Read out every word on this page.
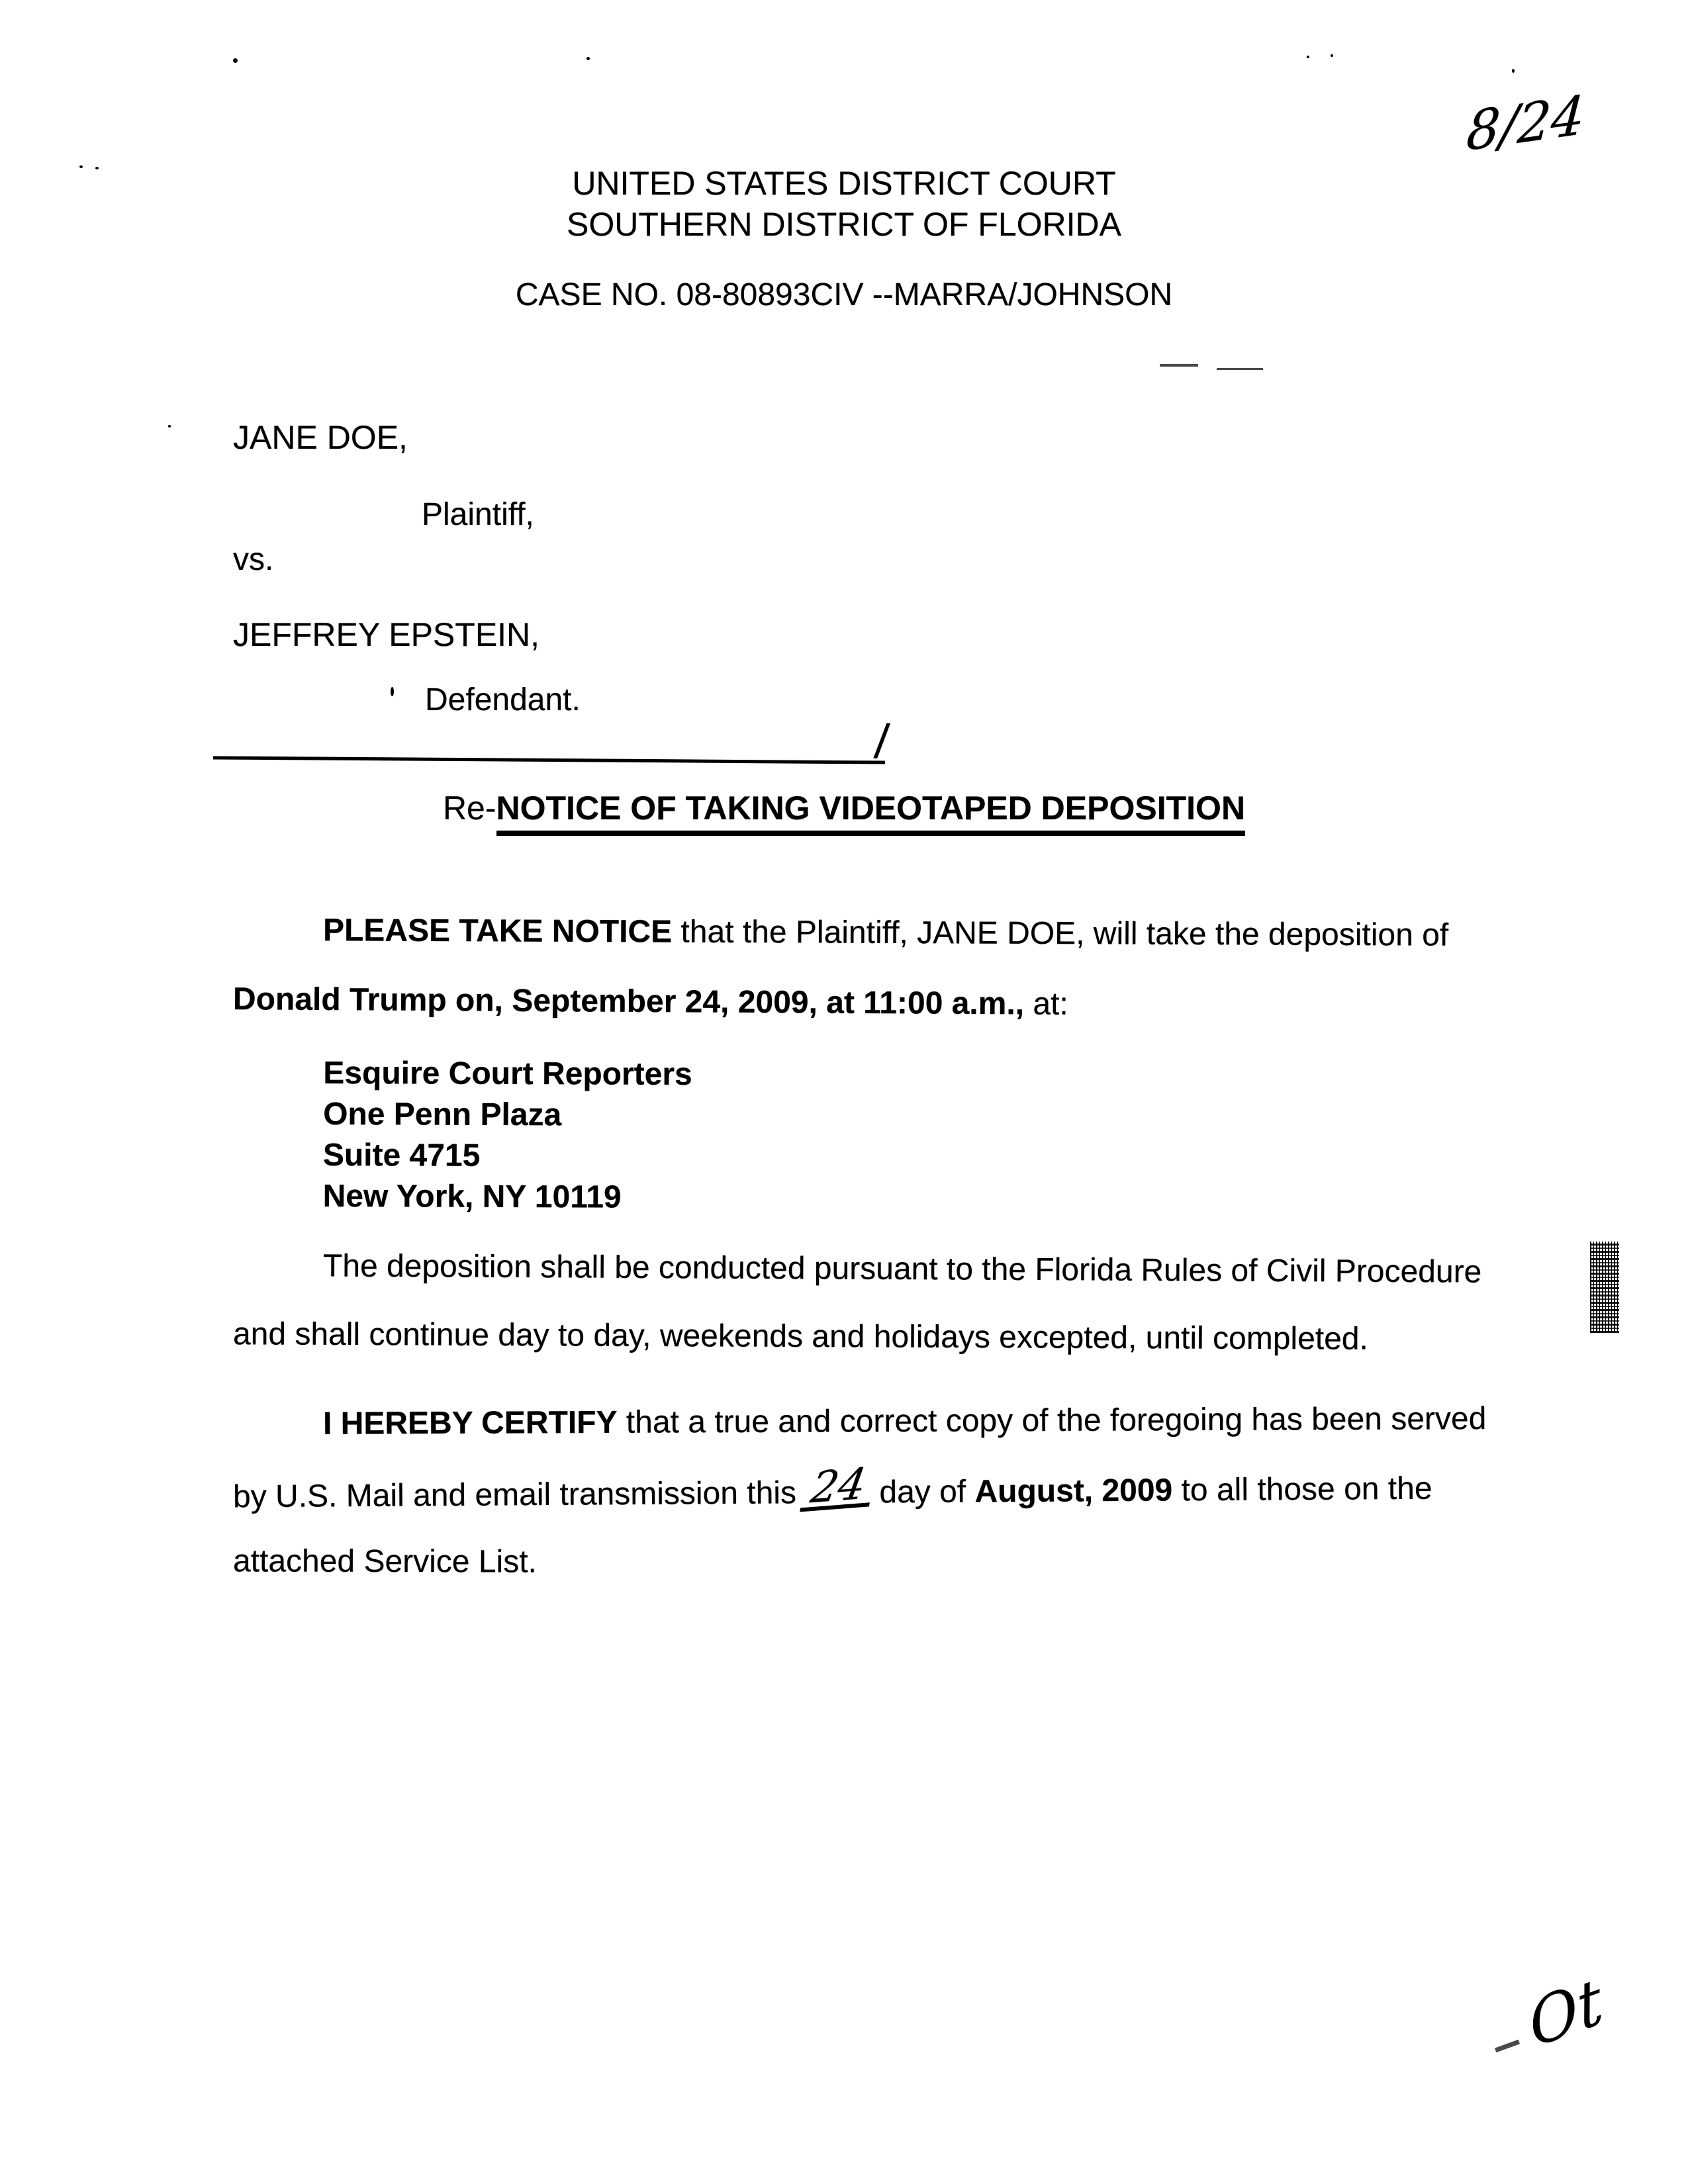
8/24
UNITED STATES DISTRICT COURT
SOUTHERN DISTRICT OF FLORIDA
CASE NO. 08-80893CIV --MARRA/JOHNSON
JANE DOE,
Plaintiff,
vs.
JEFFREY EPSTEIN,
Defendant.
/
Re-NOTICE OF TAKING VIDEOTAPED DEPOSITION
PLEASE TAKE NOTICE that the Plaintiff, JANE DOE, will take the deposition of
Donald Trump on, September 24, 2009, at 11:00 a.m., at:
Esquire Court Reporters
One Penn Plaza
Suite 4715
New York, NY 10119
The deposition shall be conducted pursuant to the Florida Rules of Civil Procedure
and shall continue day to day, weekends and holidays excepted, until completed.
I HEREBY CERTIFY that a true and correct copy of the foregoing has been served
by U.S. Mail and email transmission this 24 day of August, 2009 to all those on the
attached Service List.
Ot
